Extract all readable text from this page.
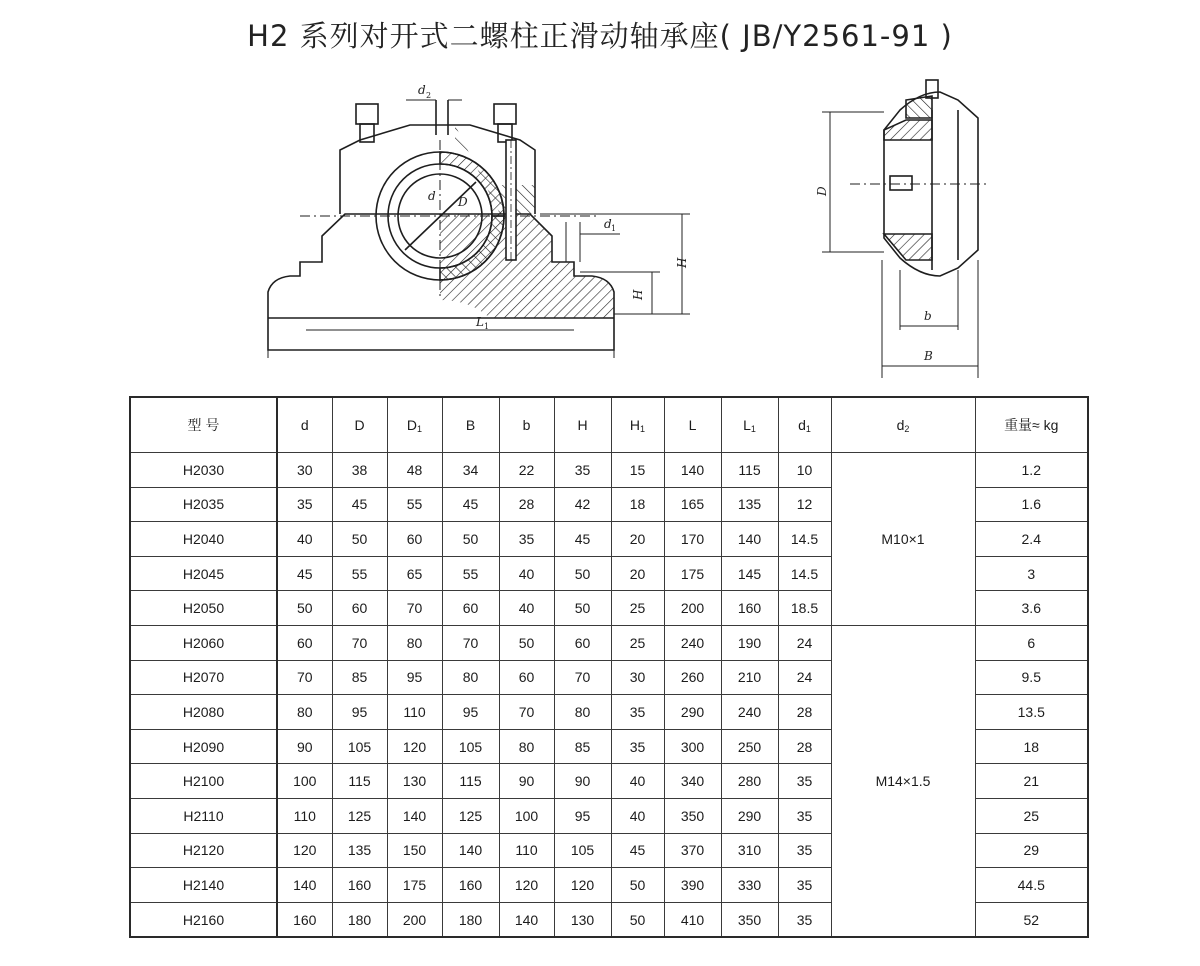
H2 系列对开式二螺柱正滑动轴承座( JB/Y2561-91 )
d 2
d D
d 1
H
H
L 1
D
b
B
型 号	d	D	$D_1$	B	b	H	$H_1$	L	$L_1$	$d_1$	$d_2$	重量≈ kg
H2030	30	38	48	34	22	35	15	140	115	10	M10×1	1.2
H2035	35	45	55	45	28	42	18	165	135	12		1.6
H2040	40	50	60	50	35	45	20	170	140	14.5		2.4
H2045	45	55	65	55	40	50	20	175	145	14.5		3
H2050	50	60	70	60	40	50	25	200	160	18.5		3.6
H2060	60	70	80	70	50	60	25	240	190	24	M14×1.5	6
H2070	70	85	95	80	60	70	30	260	210	24		9.5
H2080	80	95	110	95	70	80	35	290	240	28		13.5
H2090	90	105	120	105	80	85	35	300	250	28		18
H2100	100	115	130	115	90	90	40	340	280	35		21
H2110	110	125	140	125	100	95	40	350	290	35		25
H2120	120	135	150	140	110	105	45	370	310	35		29
H2140	140	160	175	160	120	120	50	390	330	35		44.5
H2160	160	180	200	180	140	130	50	410	350	35		52
